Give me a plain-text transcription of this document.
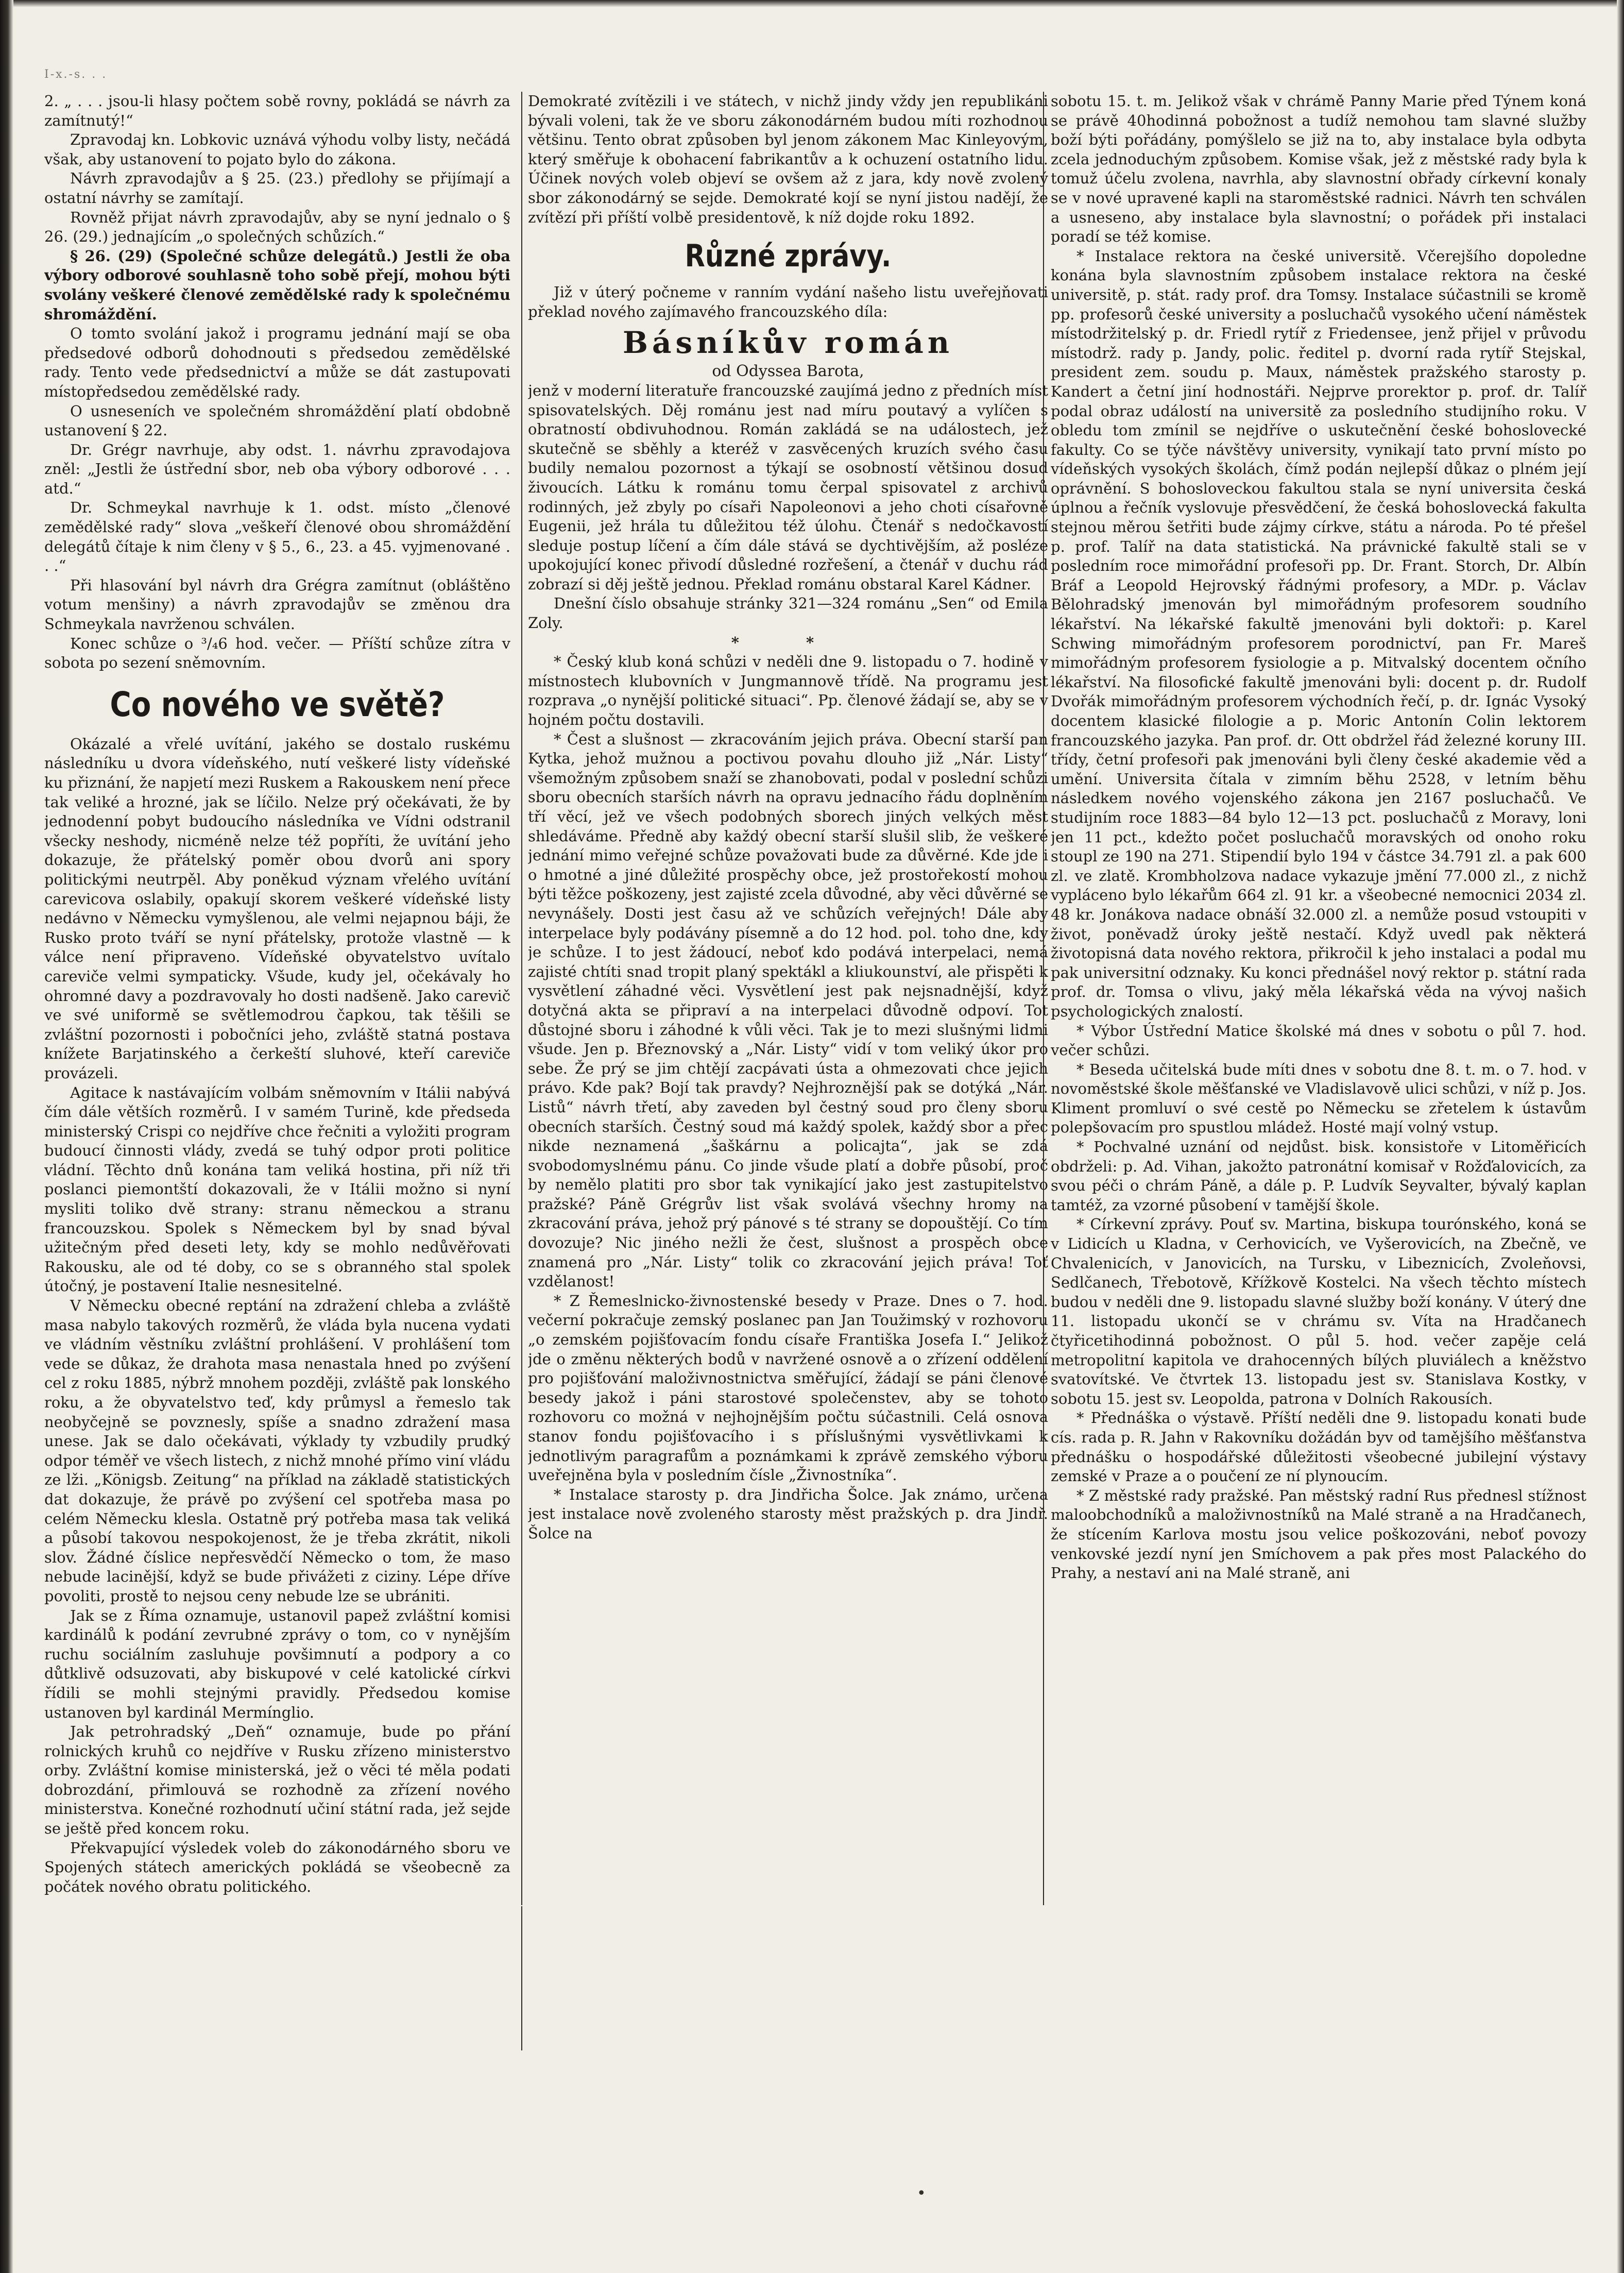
I-x.-s. . .

2. „ . . . jsou-li hlasy počtem sobě rovny, pokládá se návrh za zamítnutý!“

Zpravodaj kn. Lobkovic uznává výhodu volby listy, nečádá však, aby ustanovení to pojato bylo do zákona.

Návrh zpravodajův a § 25. (23.) předlohy se přijímají a ostatní návrhy se zamítají.

Rovněž přijat návrh zpravodajův, aby se nyní jednalo o § 26. (29.) jednajícím „o společných schůzích.“

§ 26. (29) (Společné schůze delegátů.) Jestli že oba výbory odborové souhlasně toho sobě přejí, mohou býti svolány veškeré členové zemědělské rady k společnému shromáždění.

O tomto svolání jakož i programu jednání mají se oba předsedové odborů dohodnouti s předsedou zemědělské rady. Tento vede předsednictví a může se dát zastupovati místopředsedou zemědělské rady.

O usneseních ve společném shromáždění platí obdobně ustanovení § 22.

Dr. Grégr navrhuje, aby odst. 1. návrhu zpravodajova zněl: „Jestli že ústřední sbor, neb oba výbory odborové . . . atd.“

Dr. Schmeykal navrhuje k 1. odst. místo „členové zemědělské rady“ slova „veškeří členové obou shromáždění delegátů čítaje k nim členy v § 5., 6., 23. a 45. vyjmenované . . .“

Při hlasování byl návrh dra Grégra zamítnut (obláštěno votum menšiny) a návrh zpravodajův se změnou dra Schmeykala navrženou schválen.

Konec schůze o ³/₄6 hod. večer. — Příští schůze zítra v sobota po sezení sněmovním.

Co nového ve světě?

Okázalé a vřelé uvítání, jakého se dostalo ruskému následníku u dvora vídeňského, nutí veškeré listy vídeňské ku přiznání, že napjetí mezi Ruskem a Rakouskem není přece tak veliké a hrozné, jak se líčilo. Nelze prý očekávati, že by jednodenní pobyt budoucího následníka ve Vídni odstranil všecky neshody, nicméně nelze též popříti, že uvítání jeho dokazuje, že přátelský poměr obou dvorů ani spory politickými neutrpěl. Aby poněkud význam vřelého uvítání carevicova oslabily, opakují skorem veškeré vídeňské listy nedávno v Německu vymyšlenou, ale velmi nejapnou báji, že Rusko proto tváří se nyní přátelsky, protože vlastně — k válce není připraveno. Vídeňské obyvatelstvo uvítalo careviče velmi sympaticky. Všude, kudy jel, očekávaly ho ohromné davy a pozdravovaly ho dosti nadšeně. Jako carevič ve své uniformě se světlemodrou čapkou, tak těšili se zvláštní pozornosti i pobočníci jeho, zvláště statná postava knížete Barjatinského a čerkeští sluhové, kteří careviče provázeli.

Agitace k nastávajícím volbám sněmovním v Itálii nabývá čím dále větších rozměrů. I v samém Turině, kde předseda ministerský Crispi co nejdříve chce řečniti a vyložiti program budoucí činnosti vlády, zvedá se tuhý odpor proti politice vládní. Těchto dnů konána tam veliká hostina, při níž tři poslanci piemontští dokazovali, že v Itálii možno si nyní mysliti toliko dvě strany: stranu německou a stranu francouzskou. Spolek s Německem byl by snad býval užitečným před deseti lety, kdy se mohlo nedůvěřovati Rakousku, ale od té doby, co se s obranného stal spolek útočný, je postavení Italie nesnesitelné.

V Německu obecné reptání na zdražení chleba a zvláště masa nabylo takových rozměrů, že vláda byla nucena vydati ve vládním věstníku zvláštní prohlášení. V prohlášení tom vede se důkaz, že drahota masa nenastala hned po zvýšení cel z roku 1885, nýbrž mnohem později, zvláště pak lonského roku, a že obyvatelstvo teď, kdy průmysl a řemeslo tak neobyčejně se povznesly, spíše a snadno zdražení masa unese. Jak se dalo očekávati, výklady ty vzbudily prudký odpor téměř ve všech listech, z nichž mnohé přímo viní vládu ze lži. „Königsb. Zeitung“ na příklad na základě statistických dat dokazuje, že právě po zvýšení cel spotřeba masa po celém Německu klesla. Ostatně prý potřeba masa tak veliká a působí takovou nespokojenost, že je třeba zkrátit, nikoli slov. Žádné číslice nepřesvědčí Německo o tom, že maso nebude lacinější, když se bude přivážeti z ciziny. Lépe dříve povoliti, prostě to nejsou ceny nebude lze se ubrániti.

Jak se z Říma oznamuje, ustanovil papež zvláštní komisi kardinálů k podání zevrubné zprávy o tom, co v nynějším ruchu sociálním zasluhuje povšimnutí a podpory a co důtklivě odsuzovati, aby biskupové v celé katolické církvi řídili se mohli stejnými pravidly. Předsedou komise ustanoven byl kardinál Mermínglio.

Jak petrohradský „Deň“ oznamuje, bude po přání rolnických kruhů co nejdříve v Rusku zřízeno ministerstvo orby. Zvláštní komise ministerská, jež o věci té měla podati dobrozdání, přimlouvá se rozhodně za zřízení nového ministerstva. Konečné rozhodnutí učiní státní rada, jež sejde se ještě před koncem roku.

Překvapující výsledek voleb do zákonodárného sboru ve Spojených státech amerických pokládá se všeobecně za počátek nového obratu politického.

Demokraté zvítězili i ve státech, v nichž jindy vždy jen republikáni bývali voleni, tak že ve sboru zákonodárném budou míti rozhodnou většinu. Tento obrat způsoben byl jenom zákonem Mac Kinleyovým, který směřuje k obohacení fabrikantův a k ochuzení ostatního lidu. Účinek nových voleb objeví se ovšem až z jara, kdy nově zvolený sbor zákonodárný se sejde. Demokraté kojí se nyní jistou nadějí, že zvítězí při příští volbě presidentově, k níž dojde roku 1892.

Různé zprávy.

Již v úterý počneme v ranním vydání našeho listu uveřejňovati překlad nového zajímavého francouzského díla:

Básníkův román
od Odyssea Barota,

jenž v moderní literatuře francouzské zaujímá jedno z předních míst spisovatelských. Děj románu jest nad míru poutavý a vylíčen s obratností obdivuhodnou. Román zakládá se na událostech, jež skutečně se sběhly a kteréž v zasvěcených kruzích svého času budily nemalou pozornost a týkají se osobností většinou dosud živoucích. Látku k románu tomu čerpal spisovatel z archivů rodinných, jež zbyly po císaři Napoleonovi a jeho choti císařovně Eugenii, jež hrála tu důležitou též úlohu. Čtenář s nedočkavostí sleduje postup líčení a čím dále stává se dychtivějším, až posléze upokojující konec přivodí důsledné rozřešení, a čtenář v duchu rád zobrazí si děj ještě jednou. Překlad románu obstaral Karel Kádner.

Dnešní číslo obsahuje stránky 321—324 románu „Sen“ od Emila Zoly.

* *

* Český klub koná schůzi v neděli dne 9. listopadu o 7. hodině v místnostech klubovních v Jungmannově třídě. Na programu jest rozprava „o nynější politické situaci“. Pp. členové žádají se, aby se v hojném počtu dostavili.

* Čest a slušnost — zkracováním jejich práva. Obecní starší pan Kytka, jehož mužnou a poctivou povahu dlouho již „Nár. Listy“ všemožným způsobem snaží se zhanobovati, podal v poslední schůzi sboru obecních starších návrh na opravu jednacího řádu doplněním tří věcí, jež ve všech podobných sborech jiných velkých měst shledáváme. Předně aby každý obecní starší slušil slib, že veškeré jednání mimo veřejné schůze považovati bude za důvěrné. Kde jde i o hmotné a jiné důležité prospěchy obce, jež prostořekostí mohou býti těžce poškozeny, jest zajisté zcela důvodné, aby věci důvěrné se nevynášely. Dosti jest času až ve schůzích veřejných! Dále aby interpelace byly podávány písemně a do 12 hod. pol. toho dne, kdy je schůze. I to jest žádoucí, neboť kdo podává interpelaci, nemá zajisté chtíti snad tropit planý spektákl a kliukounství, ale přispěti k vysvětlení záhadné věci. Vysvětlení jest pak nejsnadnější, když dotyčná akta se připraví a na interpelaci důvodně odpoví. Tot důstojné sboru i záhodné k vůli věci. Tak je to mezi slušnými lidmi všude. Jen p. Březnovský a „Nár. Listy“ vidí v tom veliký úkor pro sebe. Že prý se jim chtějí zacpávati ústa a ohmezovati chce jejich právo. Kde pak? Bojí tak pravdy? Nejhroznější pak se dotýká „Nár. Listů“ návrh třetí, aby zaveden byl čestný soud pro členy sboru obecních starších. Čestný soud má každý spolek, každý sbor a přec nikde neznamená „šaškárnu a policajta“, jak se zdá svobodomyslnému pánu. Co jinde všude platí a dobře působí, proč by nemělo platiti pro sbor tak vynikající jako jest zastupitelstvo pražské? Páně Grégrův list však svolává všechny hromy na zkracování práva, jehož prý pánové s té strany se dopouštějí. Co tím dovozuje? Nic jiného nežli že čest, slušnost a prospěch obce znamená pro „Nár. Listy“ tolik co zkracování jejich práva! Toť vzdělanost!

* Z Řemeslnicko-živnostenské besedy v Praze. Dnes o 7. hod. večerní pokračuje zemský poslanec pan Jan Toužimský v rozhovoru „o zemském pojišťovacím fondu císaře Františka Josefa I.“ Jelikož jde o změnu některých bodů v navržené osnově a o zřízení oddělení pro pojišťování maloživnostnictva směřující, žádají se páni členové besedy jakož i páni starostové společenstev, aby se tohoto rozhovoru co možná v nejhojnějším počtu súčastnili. Celá osnova stanov fondu pojišťovacího i s příslušnými vysvětlivkami k jednotlivým paragrafům a poznámkami k zprávě zemského výboru uveřejněna byla v posledním čísle „Živnostníka“.

* Instalace starosty p. dra Jindřicha Šolce. Jak známo, určena jest instalace nově zvoleného starosty měst pražských p. dra Jindř. Šolce na

sobotu 15. t. m. Jelikož však v chrámě Panny Marie před Týnem koná se právě 40hodinná pobožnost a tudíž nemohou tam slavné služby boží býti pořádány, pomýšlelo se již na to, aby instalace byla odbyta zcela jednoduchým způsobem. Komise však, jež z městské rady byla k tomuž účelu zvolena, navrhla, aby slavnostní obřady církevní konaly se v nové upravené kapli na staroměstské radnici. Návrh ten schválen a usneseno, aby instalace byla slavnostní; o pořádek při instalaci poradí se též komise.

* Instalace rektora na české universitě. Včerejšího dopoledne konána byla slavnostním způsobem instalace rektora na české universitě, p. stát. rady prof. dra Tomsy. Instalace súčastnili se kromě pp. profesorů české university a posluchačů vysokého učení náměstek místodržitelský p. dr. Friedl rytíř z Friedensee, jenž přijel v průvodu místodrž. rady p. Jandy, polic. ředitel p. dvorní rada rytíř Stejskal, president zem. soudu p. Maux, náměstek pražského starosty p. Kandert a četní jiní hodnostáři. Nejprve prorektor p. prof. dr. Talíř podal obraz událostí na universitě za posledního studijního roku. V obledu tom zmínil se nejdříve o uskutečnění české bohoslovecké fakulty. Co se týče návštěvy university, vynikají tato první místo po vídeňských vysokých školách, čímž podán nejlepší důkaz o plném její oprávnění. S bohosloveckou fakultou stala se nyní universita česká úplnou a řečník vyslovuje přesvědčení, že česká bohoslovecká fakulta stejnou měrou šetřiti bude zájmy církve, státu a národa. Po té přešel p. prof. Talíř na data statistická. Na právnické fakultě stali se v posledním roce mimořádní profesoři pp. Dr. Frant. Storch, Dr. Albín Bráf a Leopold Hejrovský řádnými profesory, a MDr. p. Václav Bělohradský jmenován byl mimořádným profesorem soudního lékařství. Na lékařské fakultě jmenováni byli doktoři: p. Karel Schwing mimořádným profesorem porodnictví, pan Fr. Mareš mimořádným profesorem fysiologie a p. Mitvalský docentem očního lékařství. Na filosofické fakultě jmenováni byli: docent p. dr. Rudolf Dvořák mimořádným profesorem východních řečí, p. dr. Ignác Vysoký docentem klasické filologie a p. Moric Antonín Colin lektorem francouzského jazyka. Pan prof. dr. Ott obdržel řád železné koruny III. třídy, četní profesoři pak jmenováni byli členy české akademie věd a umění. Universita čítala v zimním běhu 2528, v letním běhu následkem nového vojenského zákona jen 2167 posluchačů. Ve studijním roce 1883—84 bylo 12—13 pct. posluchačů z Moravy, loni jen 11 pct., kdežto počet posluchačů moravských od onoho roku stoupl ze 190 na 271. Stipendií bylo 194 v částce 34.791 zl. a pak 600 zl. ve zlatě. Krombholzova nadace vykazuje jmění 77.000 zl., z nichž vypláceno bylo lékařům 664 zl. 91 kr. a všeobecné nemocnici 2034 zl. 48 kr. Jonákova nadace obnáší 32.000 zl. a nemůže posud vstoupiti v život, poněvadž úroky ještě nestačí. Když uvedl pak některá životopisná data nového rektora, přikročil k jeho instalaci a podal mu pak universitní odznaky. Ku konci přednášel nový rektor p. státní rada prof. dr. Tomsa o vlivu, jaký měla lékařská věda na vývoj našich psychologických znalostí.

* Výbor Ústřední Matice školské má dnes v sobotu o půl 7. hod. večer schůzi.

* Beseda učitelská bude míti dnes v sobotu dne 8. t. m. o 7. hod. v novoměstské škole měšťanské ve Vladislavově ulici schůzi, v níž p. Jos. Kliment promluví o své cestě po Německu se zřetelem k ústavům polepšovacím pro spustlou mládež. Hosté mají volný vstup.

* Pochvalné uznání od nejdůst. bisk. konsistoře v Litoměřicích obdrželi: p. Ad. Vihan, jakožto patronátní komisař v Rožďalovicích, za svou péči o chrám Páně, a dále p. P. Ludvík Seyvalter, bývalý kaplan tamtéž, za vzorné působení v tamější škole.

* Církevní zprávy. Pouť sv. Martina, biskupa tourónského, koná se v Lidicích u Kladna, v Cerhovicích, ve Vyšerovicích, na Zbečně, ve Chvalenicích, v Janovicích, na Tursku, v Libeznicích, Zvoleňovsi, Sedlčanech, Třebotově, Křížkově Kostelci. Na všech těchto místech budou v neděli dne 9. listopadu slavné služby boží konány. V úterý dne 11. listopadu ukončí se v chrámu sv. Víta na Hradčanech čtyřicetihodinná pobožnost. O půl 5. hod. večer zapěje celá metropolitní kapitola ve drahocenných bílých pluviálech a kněžstvo svatovítské. Ve čtvrtek 13. listopadu jest sv. Stanislava Kostky, v sobotu 15. jest sv. Leopolda, patrona v Dolních Rakousích.

* Přednáška o výstavě. Příští neděli dne 9. listopadu konati bude cís. rada p. R. Jahn v Rakovníku dožádán byv od tamějšího měšťanstva přednášku o hospodářské důležitosti všeobecné jubilejní výstavy zemské v Praze a o poučení ze ní plynoucím.

* Z městské rady pražské. Pan městský radní Rus přednesl stížnost maloobchodníků a maloživnostníků na Malé straně a na Hradčanech, že stícením Karlova mostu jsou velice poškozováni, neboť povozy venkovské jezdí nyní jen Smíchovem a pak přes most Palackého do Prahy, a nestaví ani na Malé straně, ani

•
